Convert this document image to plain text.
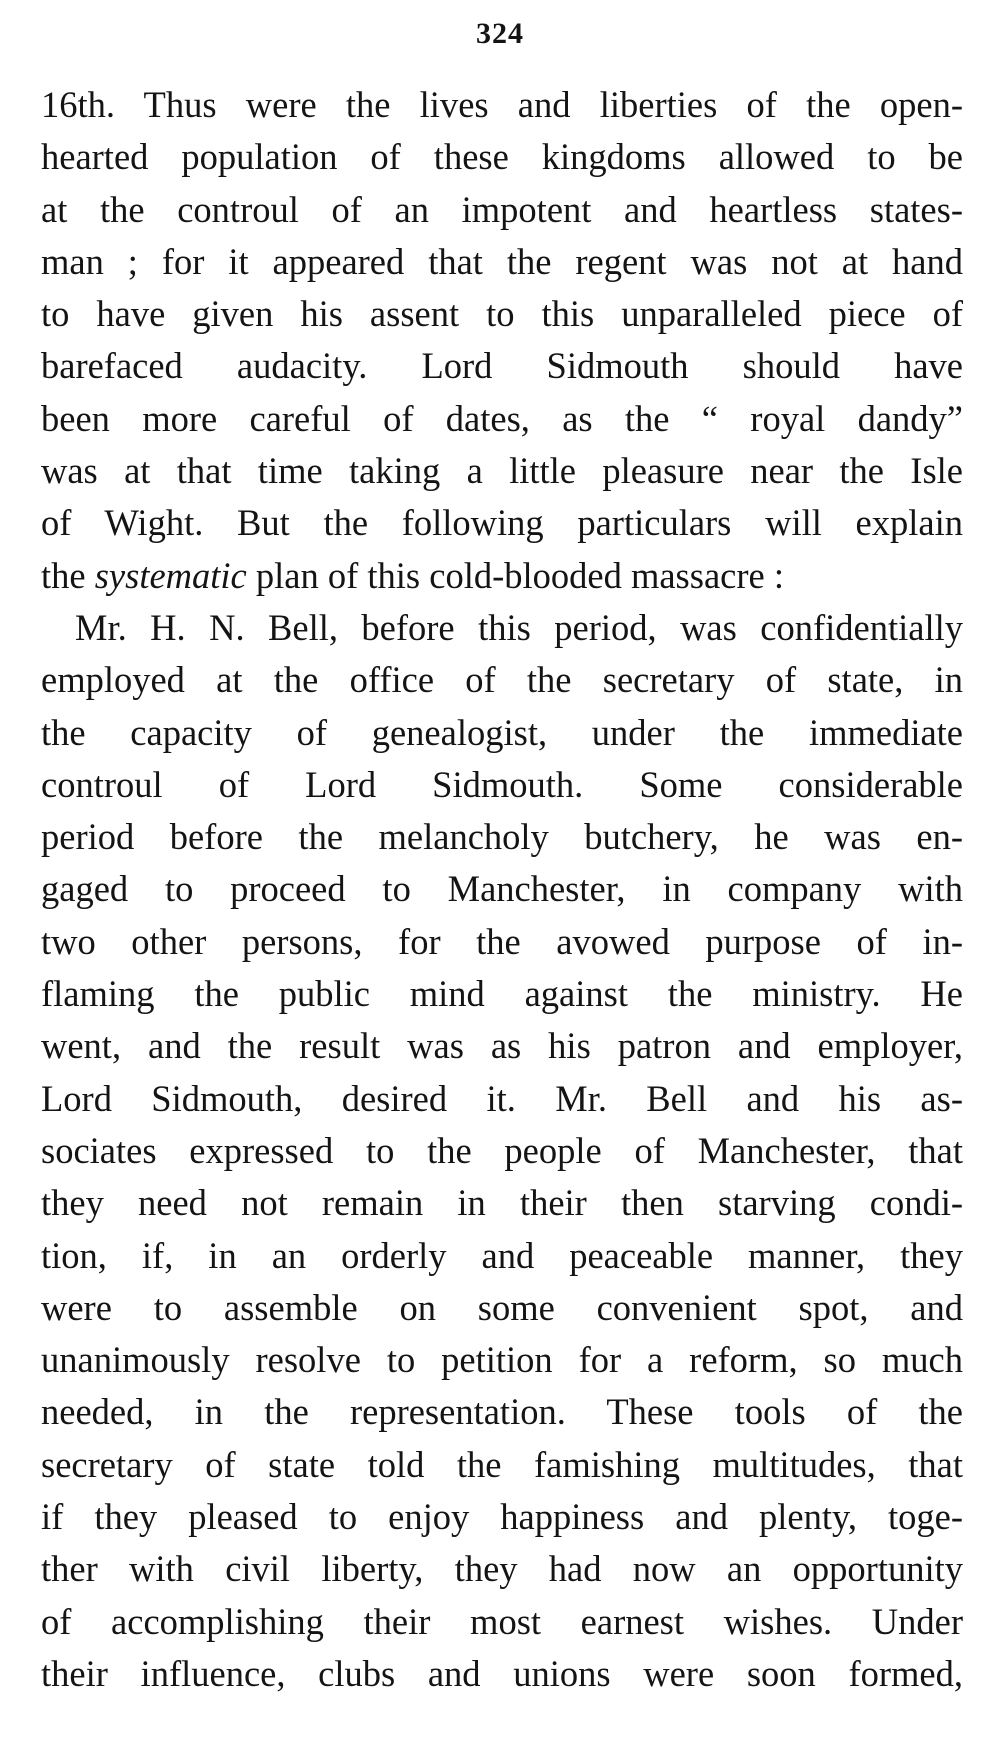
324
16th. Thus were the lives and liberties of the open-
hearted population of these kingdoms allowed to be
at the controul of an impotent and heartless states-
man ; for it appeared that the regent was not at hand
to have given his assent to this unparalleled piece of
barefaced audacity. Lord Sidmouth should have
been more careful of dates, as the “ royal dandy”
was at that time taking a little pleasure near the Isle
of Wight. But the following particulars will explain
the systematic plan of this cold-blooded massacre :
Mr. H. N. Bell, before this period, was confidentially
employed at the office of the secretary of state, in
the capacity of genealogist, under the immediate
controul of Lord Sidmouth. Some considerable
period before the melancholy butchery, he was en-
gaged to proceed to Manchester, in company with
two other persons, for the avowed purpose of in-
flaming the public mind against the ministry. He
went, and the result was as his patron and employer,
Lord Sidmouth, desired it. Mr. Bell and his as-
sociates expressed to the people of Manchester, that
they need not remain in their then starving condi-
tion, if, in an orderly and peaceable manner, they
were to assemble on some convenient spot, and
unanimously resolve to petition for a reform, so much
needed, in the representation. These tools of the
secretary of state told the famishing multitudes, that
if they pleased to enjoy happiness and plenty, toge-
ther with civil liberty, they had now an opportunity
of accomplishing their most earnest wishes. Under
their influence, clubs and unions were soon formed,
